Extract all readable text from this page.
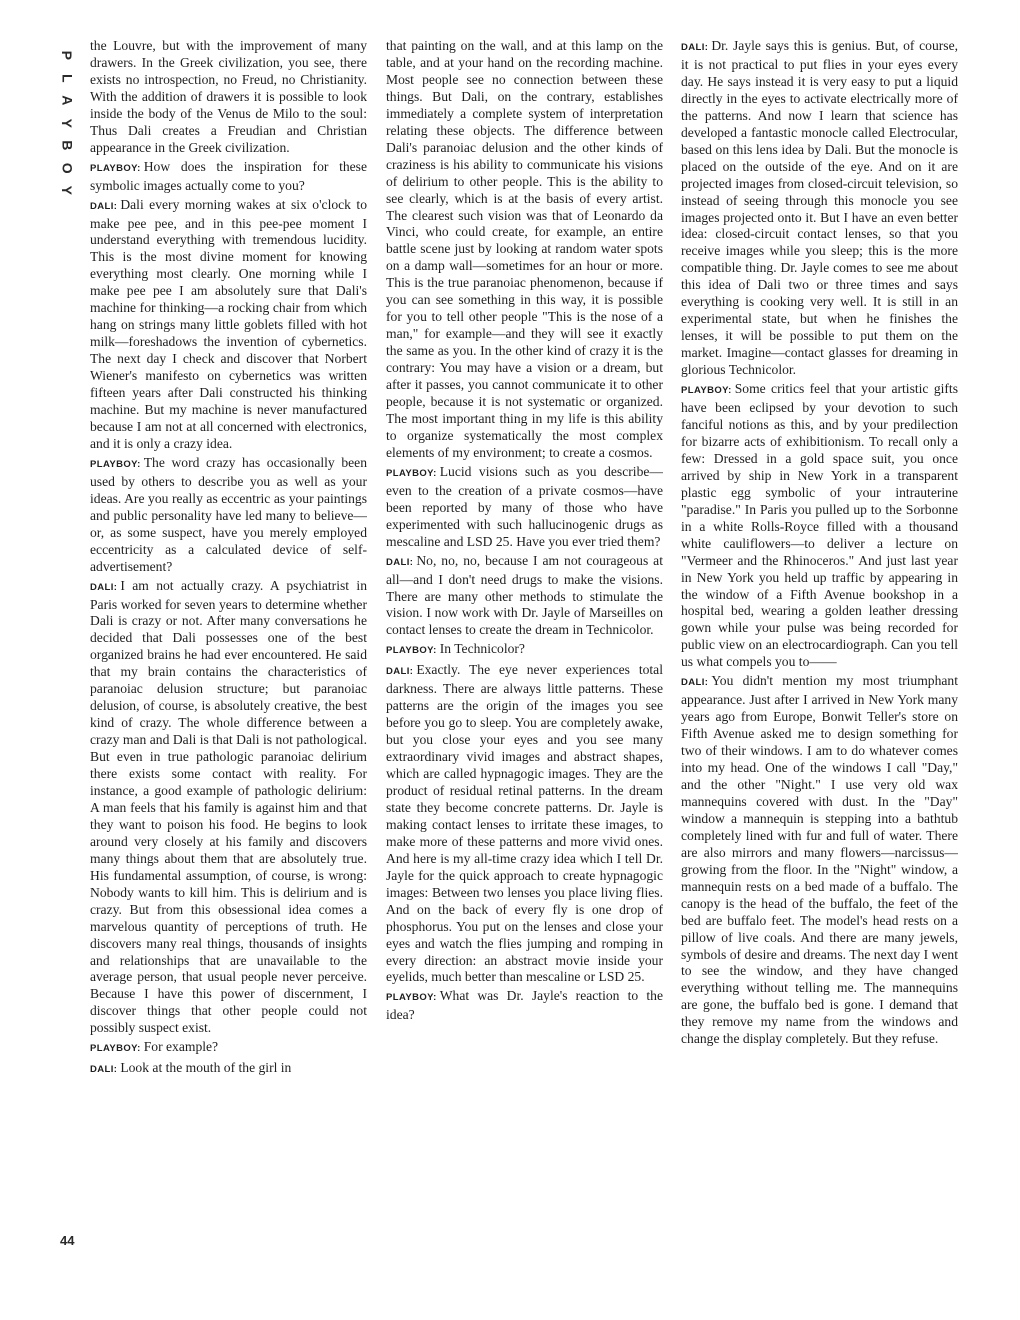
P
L
A
Y
B
O
Y
44

the Louvre, but with the improvement of many drawers. In the Greek civilization, you see, there exists no introspection, no Freud, no Christianity. With the addition of drawers it is possible to look inside the body of the Venus de Milo to the soul: Thus Dali creates a Freudian and Christian appearance in the Greek civilization.

PLAYBOY: How does the inspiration for these symbolic images actually come to you?

DALI: Dali every morning wakes at six o'clock to make pee pee, and in this pee-pee moment I understand everything with tremendous lucidity. This is the most divine moment for knowing everything most clearly. One morning while I make pee pee I am absolutely sure that Dali's machine for thinking—a rocking chair from which hang on strings many little goblets filled with hot milk—foreshadows the invention of cybernetics. The next day I check and discover that Norbert Wiener's manifesto on cybernetics was written fifteen years after Dali constructed his thinking machine. But my machine is never manufactured because I am not at all concerned with electronics, and it is only a crazy idea.

PLAYBOY: The word crazy has occasionally been used by others to describe you as well as your ideas. Are you really as eccentric as your paintings and public personality have led many to believe—or, as some suspect, have you merely employed eccentricity as a calculated device of self-advertisement?

DALI: I am not actually crazy. A psychiatrist in Paris worked for seven years to determine whether Dali is crazy or not. After many conversations he decided that Dali possesses one of the best organized brains he had ever encountered. He said that my brain contains the characteristics of paranoiac delusion structure; but paranoiac delusion, of course, is absolutely creative, the best kind of crazy. The whole difference between a crazy man and Dali is that Dali is not pathological. But even in true pathologic paranoiac delirium there exists some contact with reality. For instance, a good example of pathologic delirium: A man feels that his family is against him and that they want to poison his food. He begins to look around very closely at his family and discovers many things about them that are absolutely true. His fundamental assumption, of course, is wrong: Nobody wants to kill him. This is delirium and is crazy. But from this obsessional idea comes a marvelous quantity of perceptions of truth. He discovers many real things, thousands of insights and relationships that are unavailable to the average person, that usual people never perceive. Because I have this power of discernment, I discover things that other people could not possibly suspect exist.

PLAYBOY: For example?

DALI: Look at the mouth of the girl in

that painting on the wall, and at this lamp on the table, and at your hand on the recording machine. Most people see no connection between these things. But Dali, on the contrary, establishes immediately a complete system of interpretation relating these objects. The difference between Dali's paranoiac delusion and the other kinds of craziness is his ability to communicate his visions of delirium to other people. This is the ability to see clearly, which is at the basis of every artist. The clearest such vision was that of Leonardo da Vinci, who could create, for example, an entire battle scene just by looking at random water spots on a damp wall—sometimes for an hour or more. This is the true paranoiac phenomenon, because if you can see something in this way, it is possible for you to tell other people "This is the nose of a man," for example—and they will see it exactly the same as you. In the other kind of crazy it is the contrary: You may have a vision or a dream, but after it passes, you cannot communicate it to other people, because it is not systematic or organized. The most important thing in my life is this ability to organize systematically the most complex elements of my environment; to create a cosmos.

PLAYBOY: Lucid visions such as you describe—even to the creation of a private cosmos—have been reported by many of those who have experimented with such hallucinogenic drugs as mescaline and LSD 25. Have you ever tried them?

DALI: No, no, no, because I am not courageous at all—and I don't need drugs to make the visions. There are many other methods to stimulate the vision. I now work with Dr. Jayle of Marseilles on contact lenses to create the dream in Technicolor.

PLAYBOY: In Technicolor?

DALI: Exactly. The eye never experiences total darkness. There are always little patterns. These patterns are the origin of the images you see before you go to sleep. You are completely awake, but you close your eyes and you see many extraordinary vivid images and abstract shapes, which are called hypnagogic images. They are the product of residual retinal patterns. In the dream state they become concrete patterns. Dr. Jayle is making contact lenses to irritate these images, to make more of these patterns and more vivid ones. And here is my all-time crazy idea which I tell Dr. Jayle for the quick approach to create hypnagogic images: Between two lenses you place living flies. And on the back of every fly is one drop of phosphorus. You put on the lenses and close your eyes and watch the flies jumping and romping in every direction: an abstract movie inside your eyelids, much better than mescaline or LSD 25.

PLAYBOY: What was Dr. Jayle's reaction to the idea?

DALI: Dr. Jayle says this is genius. But, of course, it is not practical to put flies in your eyes every day. He says instead it is very easy to put a liquid directly in the eyes to activate electrically more of the patterns. And now I learn that science has developed a fantastic monocle called Electrocular, based on this lens idea by Dali. But the monocle is placed on the outside of the eye. And on it are projected images from closed-circuit television, so instead of seeing through this monocle you see images projected onto it. But I have an even better idea: closed-circuit contact lenses, so that you receive images while you sleep; this is the more compatible thing. Dr. Jayle comes to see me about this idea of Dali two or three times and says everything is cooking very well. It is still in an experimental state, but when he finishes the lenses, it will be possible to put them on the market. Imagine—contact glasses for dreaming in glorious Technicolor.

PLAYBOY: Some critics feel that your artistic gifts have been eclipsed by your devotion to such fanciful notions as this, and by your predilection for bizarre acts of exhibitionism. To recall only a few: Dressed in a gold space suit, you once arrived by ship in New York in a transparent plastic egg symbolic of your intrauterine "paradise." In Paris you pulled up to the Sorbonne in a white Rolls-Royce filled with a thousand white cauliflowers—to deliver a lecture on "Vermeer and the Rhinoceros." And just last year in New York you held up traffic by appearing in the window of a Fifth Avenue bookshop in a hospital bed, wearing a golden leather dressing gown while your pulse was being recorded for public view on an electrocardiograph. Can you tell us what compels you to——

DALI: You didn't mention my most triumphant appearance. Just after I arrived in New York many years ago from Europe, Bonwit Teller's store on Fifth Avenue asked me to design something for two of their windows. I am to do whatever comes into my head. One of the windows I call "Day," and the other "Night." I use very old wax mannequins covered with dust. In the "Day" window a mannequin is stepping into a bathtub completely lined with fur and full of water. There are also mirrors and many flowers—narcissus—growing from the floor. In the "Night" window, a mannequin rests on a bed made of a buffalo. The canopy is the head of the buffalo, the feet of the bed are buffalo feet. The model's head rests on a pillow of live coals. And there are many jewels, symbols of desire and dreams. The next day I went to see the window, and they have changed everything without telling me. The mannequins are gone, the buffalo bed is gone. I demand that they remove my name from the windows and change the display completely. But they refuse.
